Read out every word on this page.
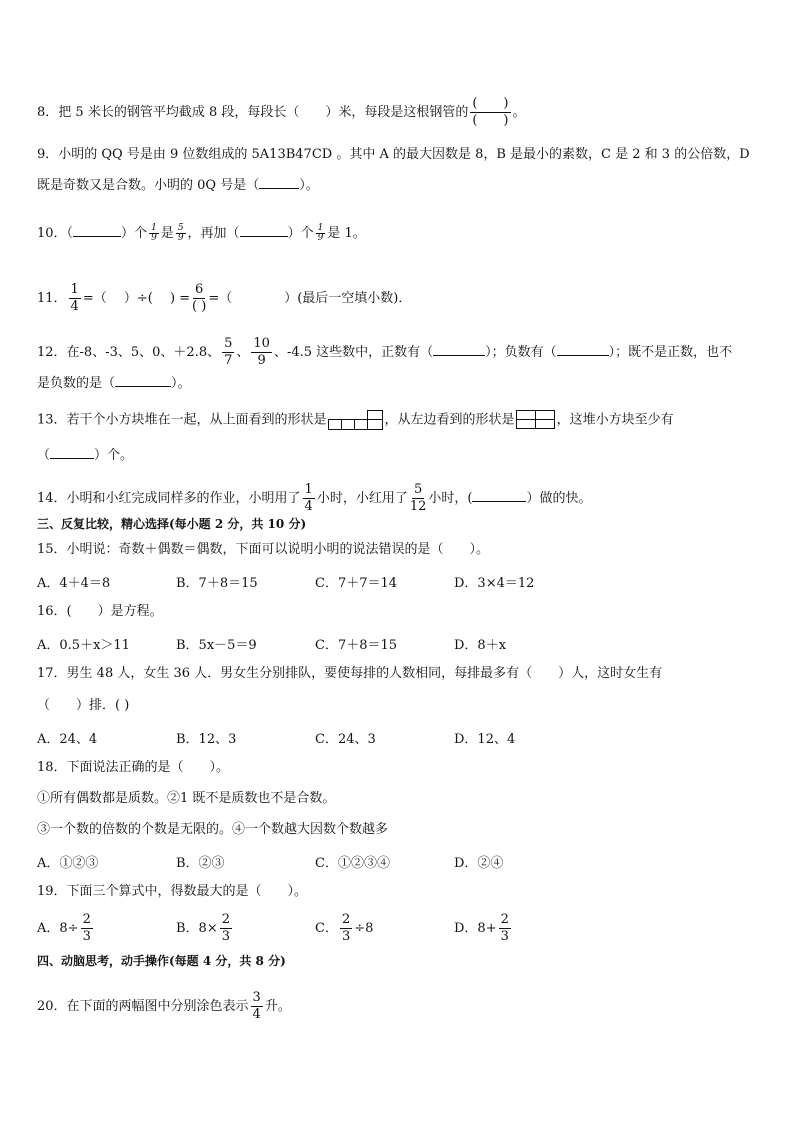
8．把 5 米长的钢管平均截成 8 段，每段长（　　）米，每段是这根钢管的 $\frac{( )}{( )}$ 。
9．小明的 QQ 号是由 9 位数组成的 5A13B47CD 。其中 A 的最大因数是 8，B 是最小的素数，C 是 2 和 3 的公倍数，D
既是奇数又是合数。小明的 0Q 号是（	）。
10．（	）个 $\frac{1}{9}$ 是 $\frac{5}{9}$ ，再加（	）个 $\frac{1}{9}$ 是 1。
11． $\frac{1}{4}$ =（　 ）÷(　 ) = $\frac{6}{( )}$ =（　　　　）(最后一空填小数)．
12．在-8、-3、5、0、＋2.8、 $\frac{5}{7}$ 、 $\frac{10}{9}$ 、-4.5 这些数中，正数有（	）；负数有（	）；既不是正数，也不
是负数的是（	）。
13．若干个小方块堆在一起，从上面看到的形状是	，从左边看到的形状是	，这堆小方块至少有
（	）个。
14．小明和小红完成同样多的作业，小明用了 $\frac{1}{4}$ 小时，小红用了 $\frac{5}{12}$ 小时，(	）做的快。
三、反复比较，精心选择(每小题 2 分，共 10 分)
15．小明说：奇数＋偶数＝偶数，下面可以说明小明的说法错误的是（　　）。
A．4＋4＝8	B．7＋8＝15	C．7＋7＝14	D．3×4＝12
16．(　　）是方程。
A．0.5＋x＞11	B．5x－5＝9	C．7＋8＝15	D．8＋x
17．男生 48 人，女生 36 人．男女生分别排队，要使每排的人数相同，每排最多有（　　）人，这时女生有
（　　）排．( )
A．24、4	B．12、3	C．24、3	D．12、4
18．下面说法正确的是（　　）。
①所有偶数都是质数。②1 既不是质数也不是合数。
③一个数的倍数的个数是无限的。④一个数越大因数个数越多
A．①②③	B．②③	C．①②③④	D．②④
19．下面三个算式中，得数最大的是（　　）。
A．$8\div \frac{2}{3}$	B．$8\times \frac{2}{3}$	C． $\frac{2}{3} \div 8$	D．$8+ \frac{2}{3}$
四、动脑思考，动手操作(每题 4 分，共 8 分)
20．在下面的两幅图中分别涂色表示 $\frac{3}{4}$ 升。
